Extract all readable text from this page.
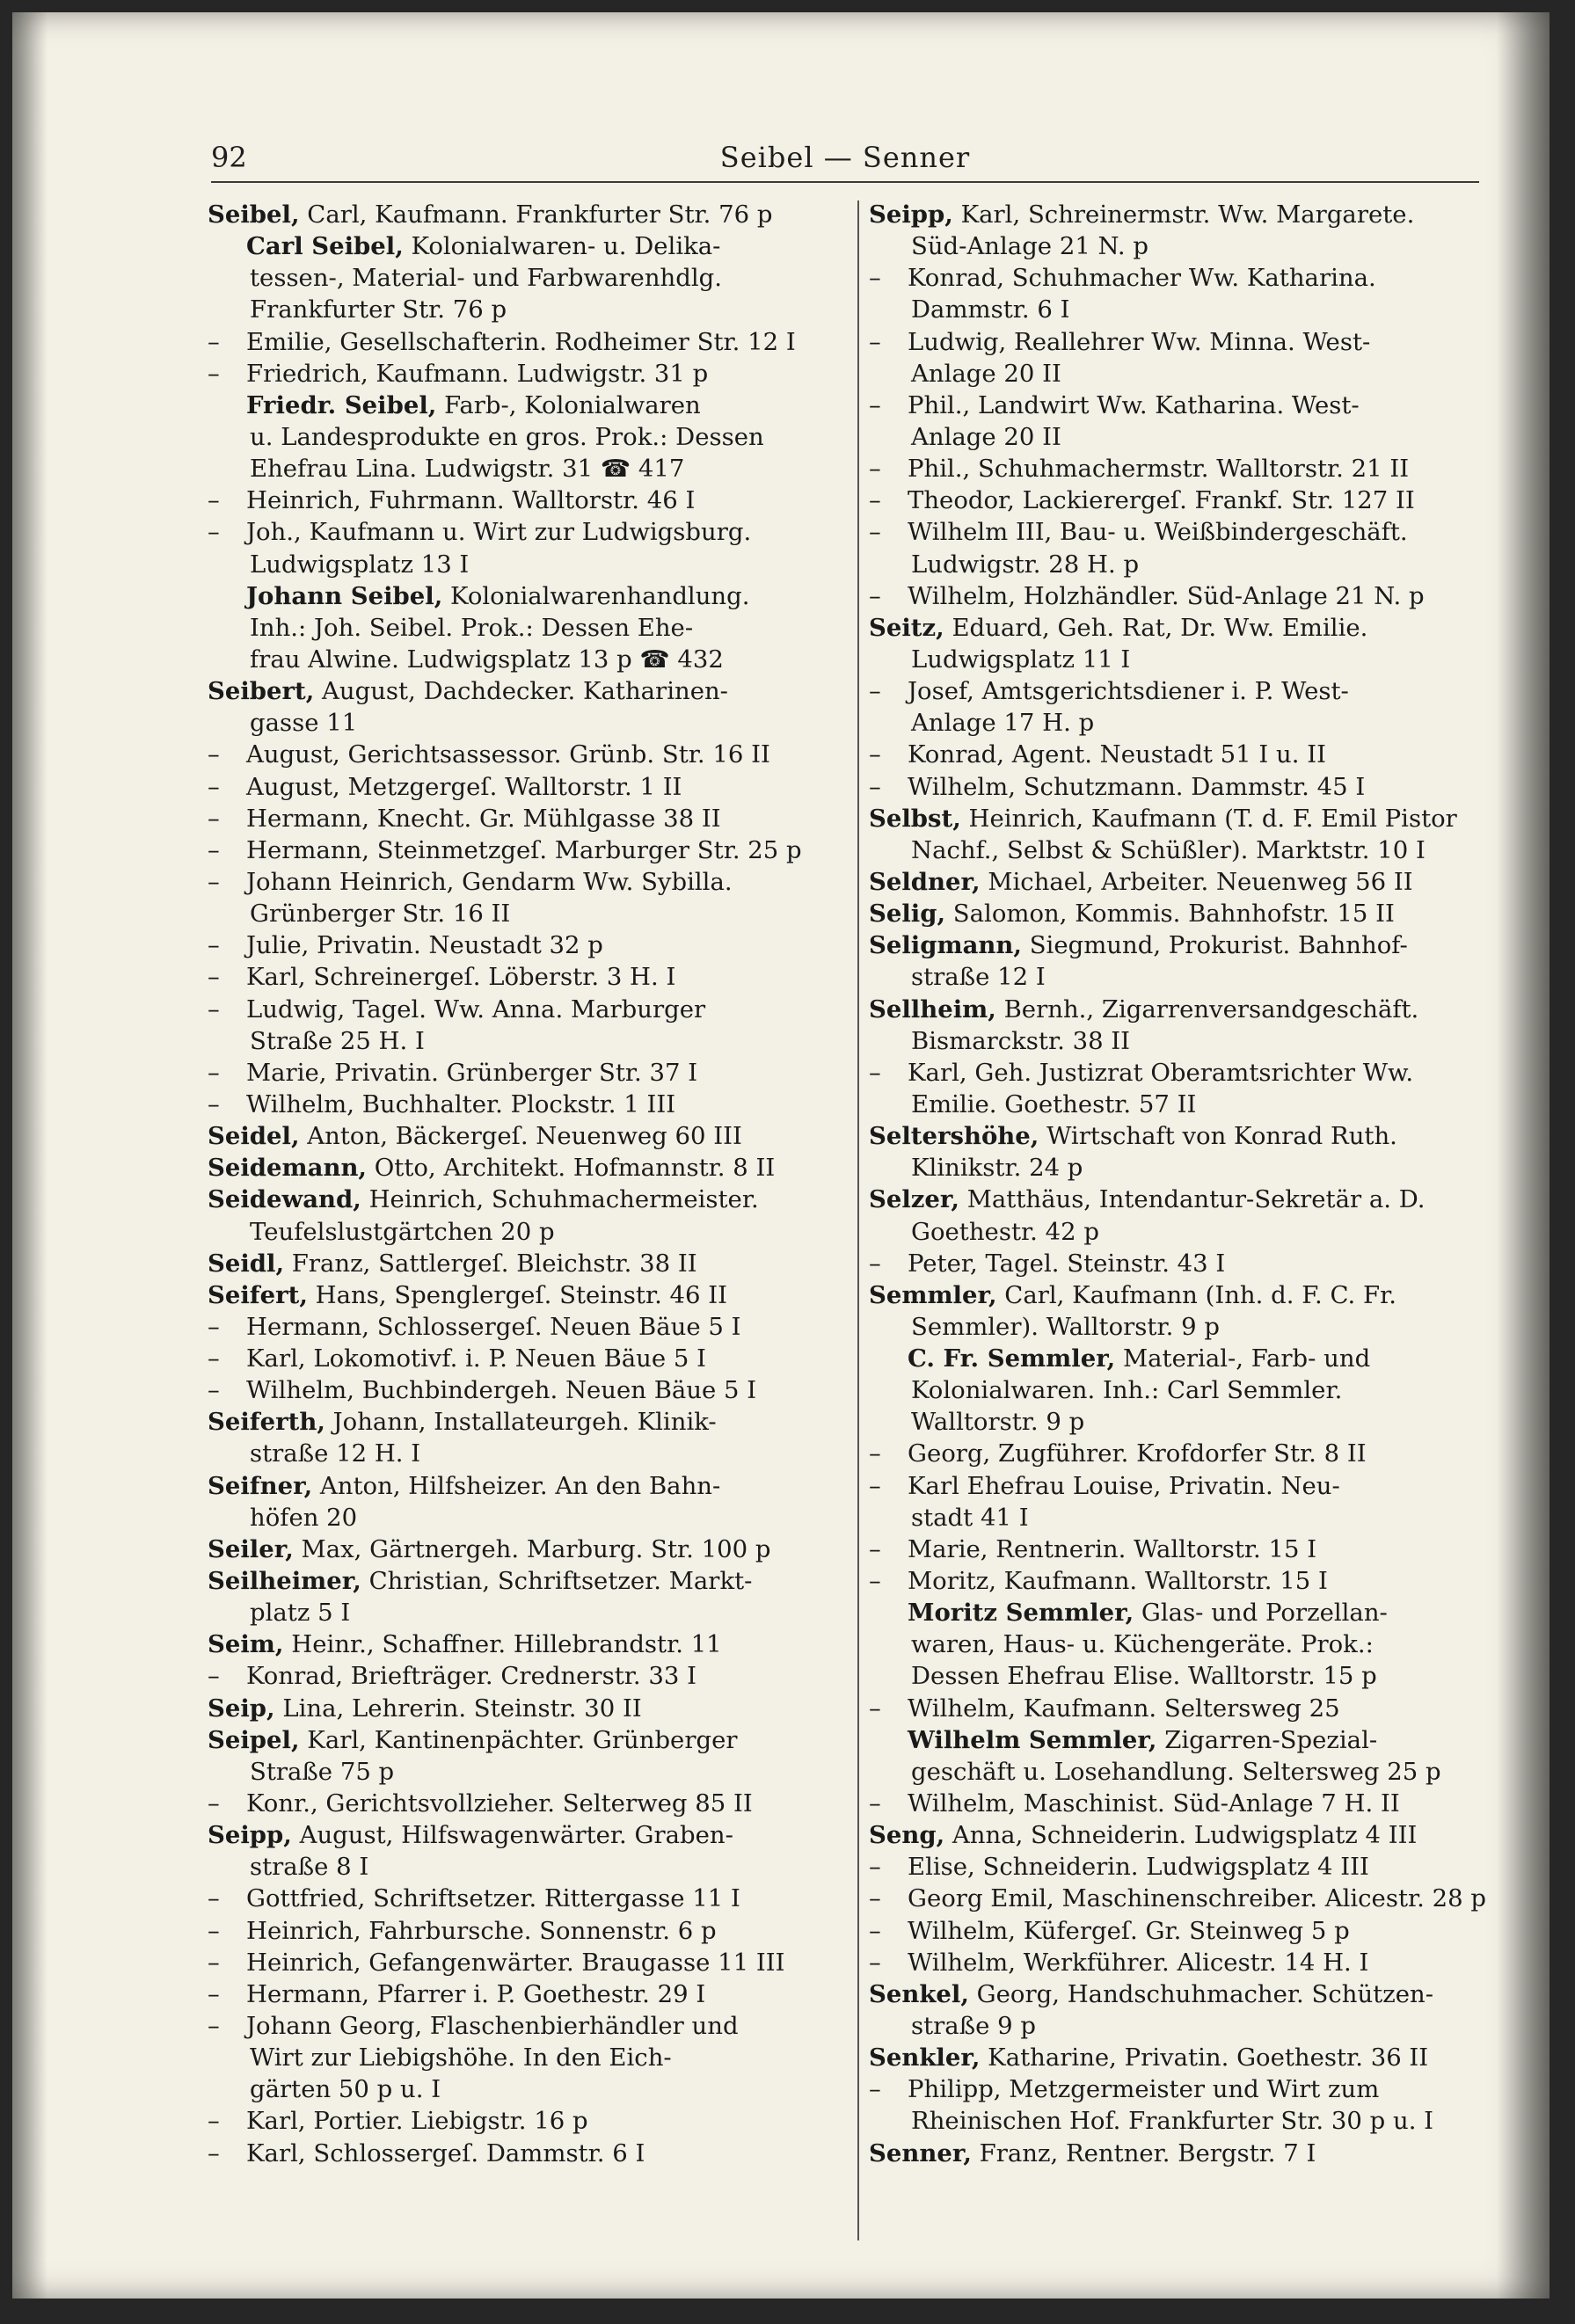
92	Seibel — Senner
Seibel, Carl, Kaufmann. Frankfurter Str. 76 p
Carl Seibel, Kolonialwaren- u. Delika-
tessen-, Material- und Farbwarenhdlg.
Frankfurter Str. 76 p
– Emilie, Gesellschafterin. Rodheimer Str. 12 I
– Friedrich, Kaufmann. Ludwigstr. 31 p
Friedr. Seibel, Farb-, Kolonialwaren
u. Landesprodukte en gros. Prok.: Dessen
Ehefrau Lina. Ludwigstr. 31 ☎ 417
– Heinrich, Fuhrmann. Walltorstr. 46 I
– Joh., Kaufmann u. Wirt zur Ludwigsburg.
Ludwigsplatz 13 I
Johann Seibel, Kolonialwarenhandlung.
Inh.: Joh. Seibel. Prok.: Dessen Ehe-
frau Alwine. Ludwigsplatz 13 p ☎ 432
Seibert, August, Dachdecker. Katharinen-
gasse 11
– August, Gerichtsassessor. Grünb. Str. 16 II
– August, Metzgergeſ. Walltorstr. 1 II
– Hermann, Knecht. Gr. Mühlgasse 38 II
– Hermann, Steinmetzgeſ. Marburger Str. 25 p
– Johann Heinrich, Gendarm Ww. Sybilla.
Grünberger Str. 16 II
– Julie, Privatin. Neustadt 32 p
– Karl, Schreinergeſ. Löberstr. 3 H. I
– Ludwig, Tagel. Ww. Anna. Marburger
Straße 25 H. I
– Marie, Privatin. Grünberger Str. 37 I
– Wilhelm, Buchhalter. Plockstr. 1 III
Seidel, Anton, Bäckergeſ. Neuenweg 60 III
Seidemann, Otto, Architekt. Hofmannstr. 8 II
Seidewand, Heinrich, Schuhmachermeister.
Teufelslustgärtchen 20 p
Seidl, Franz, Sattlergeſ. Bleichstr. 38 II
Seifert, Hans, Spenglergeſ. Steinstr. 46 II
– Hermann, Schlossergeſ. Neuen Bäue 5 I
– Karl, Lokomotivf. i. P. Neuen Bäue 5 I
– Wilhelm, Buchbindergeh. Neuen Bäue 5 I
Seiferth, Johann, Installateurgeh. Klinik-
straße 12 H. I
Seifner, Anton, Hilfsheizer. An den Bahn-
höfen 20
Seiler, Max, Gärtnergeh. Marburg. Str. 100 p
Seilheimer, Christian, Schriftsetzer. Markt-
platz 5 I
Seim, Heinr., Schaffner. Hillebrandstr. 11
– Konrad, Briefträger. Crednerstr. 33 I
Seip, Lina, Lehrerin. Steinstr. 30 II
Seipel, Karl, Kantinenpächter. Grünberger
Straße 75 p
– Konr., Gerichtsvollzieher. Selterweg 85 II
Seipp, August, Hilfswagenwärter. Graben-
straße 8 I
– Gottfried, Schriftsetzer. Rittergasse 11 I
– Heinrich, Fahrbursche. Sonnenstr. 6 p
– Heinrich, Gefangenwärter. Braugasse 11 III
– Hermann, Pfarrer i. P. Goethestr. 29 I
– Johann Georg, Flaschenbierhändler und
Wirt zur Liebigshöhe. In den Eich-
gärten 50 p u. I
– Karl, Portier. Liebigstr. 16 p
– Karl, Schlossergeſ. Dammstr. 6 I
Seipp, Karl, Schreinermstr. Ww. Margarete.
Süd-Anlage 21 N. p
– Konrad, Schuhmacher Ww. Katharina.
Dammstr. 6 I
– Ludwig, Reallehrer Ww. Minna. West-
Anlage 20 II
– Phil., Landwirt Ww. Katharina. West-
Anlage 20 II
– Phil., Schuhmachermstr. Walltorstr. 21 II
– Theodor, Lackierergeſ. Frankf. Str. 127 II
– Wilhelm III, Bau- u. Weißbindergeschäft.
Ludwigstr. 28 H. p
– Wilhelm, Holzhändler. Süd-Anlage 21 N. p
Seitz, Eduard, Geh. Rat, Dr. Ww. Emilie.
Ludwigsplatz 11 I
– Josef, Amtsgerichtsdiener i. P. West-
Anlage 17 H. p
– Konrad, Agent. Neustadt 51 I u. II
– Wilhelm, Schutzmann. Dammstr. 45 I
Selbst, Heinrich, Kaufmann (T. d. F. Emil Pistor
Nachf., Selbst & Schüßler). Marktstr. 10 I
Seldner, Michael, Arbeiter. Neuenweg 56 II
Selig, Salomon, Kommis. Bahnhofstr. 15 II
Seligmann, Siegmund, Prokurist. Bahnhof-
straße 12 I
Sellheim, Bernh., Zigarrenversandgeschäft.
Bismarckstr. 38 II
– Karl, Geh. Justizrat Oberamtsrichter Ww.
Emilie. Goethestr. 57 II
Seltershöhe, Wirtschaft von Konrad Ruth.
Klinikstr. 24 p
Selzer, Matthäus, Intendantur-Sekretär a. D.
Goethestr. 42 p
– Peter, Tagel. Steinstr. 43 I
Semmler, Carl, Kaufmann (Inh. d. F. C. Fr.
Semmler). Walltorstr. 9 p
C. Fr. Semmler, Material-, Farb- und
Kolonialwaren. Inh.: Carl Semmler.
Walltorstr. 9 p
– Georg, Zugführer. Krofdorfer Str. 8 II
– Karl Ehefrau Louise, Privatin. Neu-
stadt 41 I
– Marie, Rentnerin. Walltorstr. 15 I
– Moritz, Kaufmann. Walltorstr. 15 I
Moritz Semmler, Glas- und Porzellan-
waren, Haus- u. Küchengeräte. Prok.:
Dessen Ehefrau Elise. Walltorstr. 15 p
– Wilhelm, Kaufmann. Seltersweg 25
Wilhelm Semmler, Zigarren-Spezial-
geschäft u. Losehandlung. Seltersweg 25 p
– Wilhelm, Maschinist. Süd-Anlage 7 H. II
Seng, Anna, Schneiderin. Ludwigsplatz 4 III
– Elise, Schneiderin. Ludwigsplatz 4 III
– Georg Emil, Maschinenschreiber. Alicestr. 28 p
– Wilhelm, Küfergeſ. Gr. Steinweg 5 p
– Wilhelm, Werkführer. Alicestr. 14 H. I
Senkel, Georg, Handschuhmacher. Schützen-
straße 9 p
Senkler, Katharine, Privatin. Goethestr. 36 II
– Philipp, Metzgermeister und Wirt zum
Rheinischen Hof. Frankfurter Str. 30 p u. I
Senner, Franz, Rentner. Bergstr. 7 I
